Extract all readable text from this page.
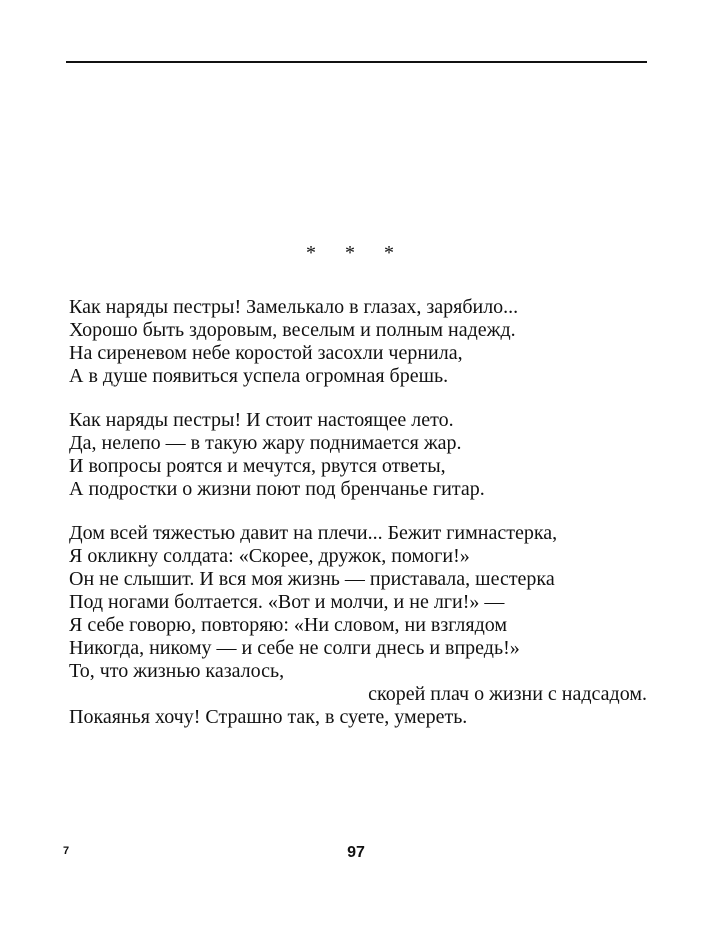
* * *
Как наряды пестры! Замелькало в глазах, зарябило...
Хорошо быть здоровым, веселым и полным надежд.
На сиреневом небе коростой засохли чернила,
А в душе появиться успела огромная брешь.
Как наряды пестры! И стоит настоящее лето.
Да, нелепо — в такую жару поднимается жар.
И вопросы роятся и мечутся, рвутся ответы,
А подростки о жизни поют под бренчанье гитар.
Дом всей тяжестью давит на плечи... Бежит гимнастерка,
Я окликну солдата: «Скорее, дружок, помоги!»
Он не слышит. И вся моя жизнь — приставала, шестерка
Под ногами болтается. «Вот и молчи, и не лги!» —
Я себе говорю, повторяю: «Ни словом, ни взглядом
Никогда, никому — и себе не солги днесь и впредь!»
То, что жизнью казалось,
скорей плач о жизни с надсадом.
Покаянья хочу! Страшно так, в суете, умереть.
7	97
